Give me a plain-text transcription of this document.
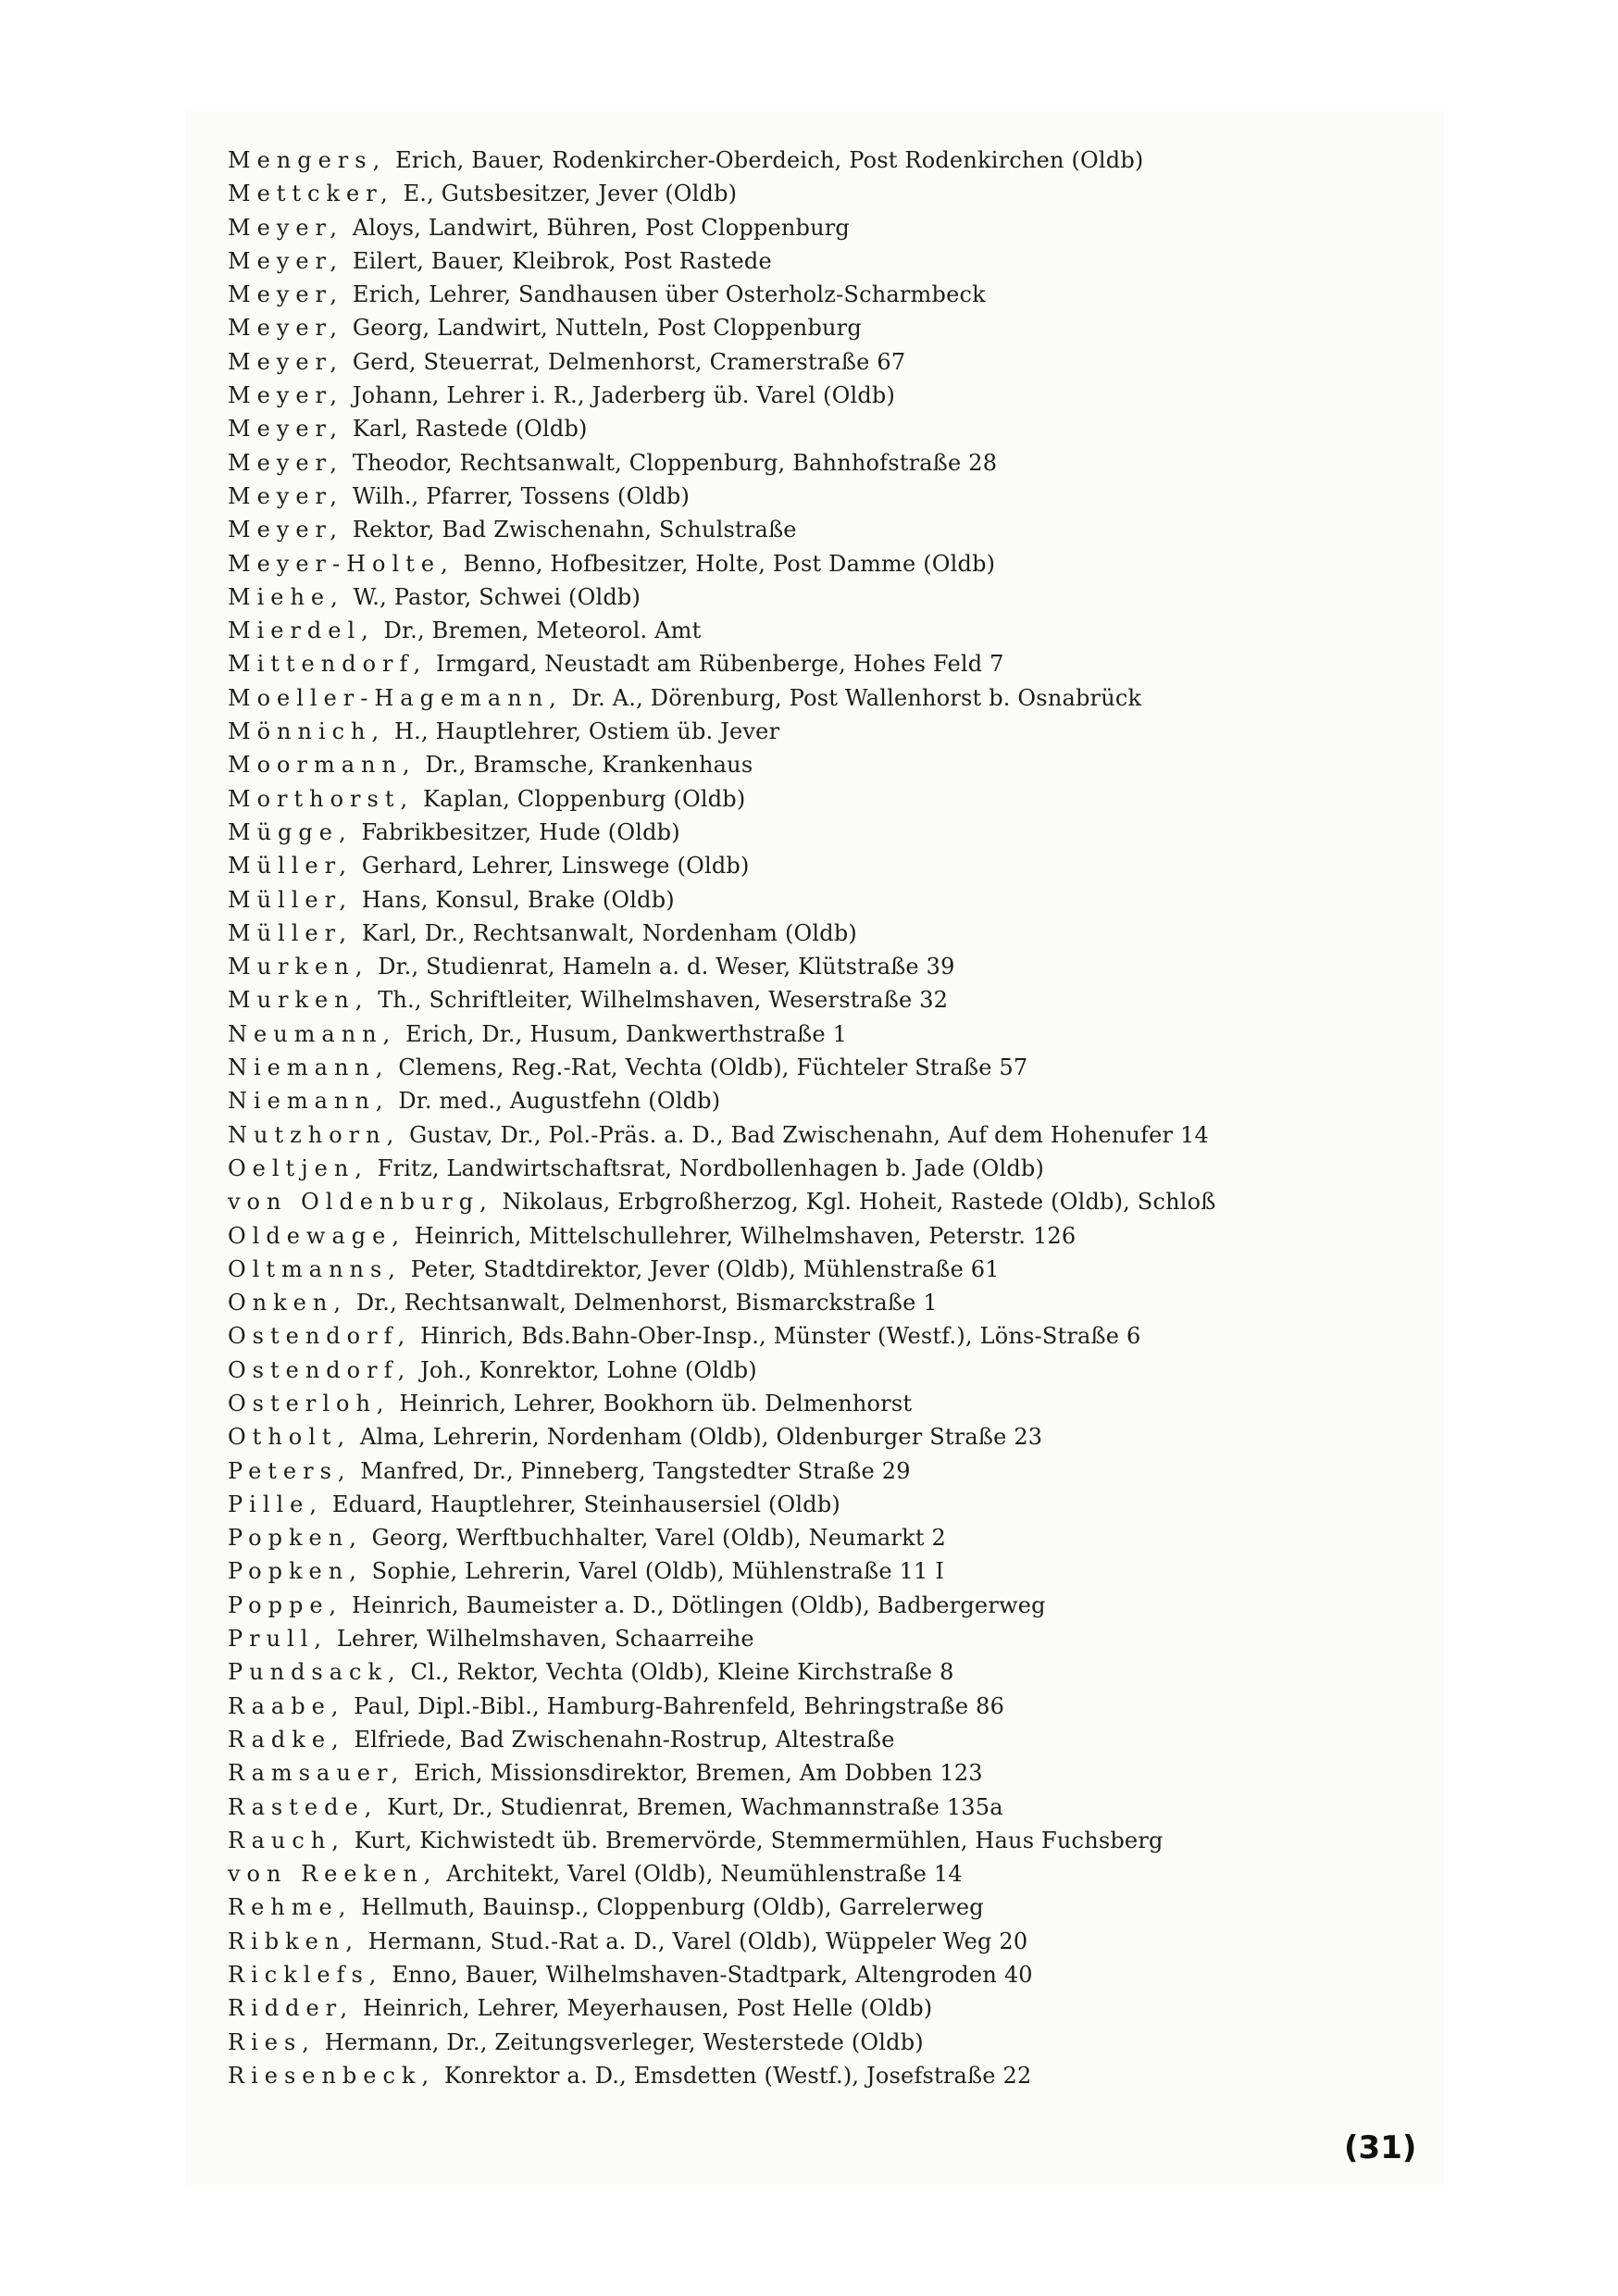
Mengers, Erich, Bauer, Rodenkircher-Oberdeich, Post Rodenkirchen (Oldb)
Mettcker, E., Gutsbesitzer, Jever (Oldb)
Meyer, Aloys, Landwirt, Bühren, Post Cloppenburg
Meyer, Eilert, Bauer, Kleibrok, Post Rastede
Meyer, Erich, Lehrer, Sandhausen über Osterholz-Scharmbeck
Meyer, Georg, Landwirt, Nutteln, Post Cloppenburg
Meyer, Gerd, Steuerrat, Delmenhorst, Cramerstraße 67
Meyer, Johann, Lehrer i. R., Jaderberg üb. Varel (Oldb)
Meyer, Karl, Rastede (Oldb)
Meyer, Theodor, Rechtsanwalt, Cloppenburg, Bahnhofstraße 28
Meyer, Wilh., Pfarrer, Tossens (Oldb)
Meyer, Rektor, Bad Zwischenahn, Schulstraße
Meyer-Holte, Benno, Hofbesitzer, Holte, Post Damme (Oldb)
Miehe, W., Pastor, Schwei (Oldb)
Mierdel, Dr., Bremen, Meteorol. Amt
Mittendorf, Irmgard, Neustadt am Rübenberge, Hohes Feld 7
Moeller-Hagemann, Dr. A., Dörenburg, Post Wallenhorst b. Osnabrück
Mönnich, H., Hauptlehrer, Ostiem üb. Jever
Moormann, Dr., Bramsche, Krankenhaus
Morthorst, Kaplan, Cloppenburg (Oldb)
Mügge, Fabrikbesitzer, Hude (Oldb)
Müller, Gerhard, Lehrer, Linswege (Oldb)
Müller, Hans, Konsul, Brake (Oldb)
Müller, Karl, Dr., Rechtsanwalt, Nordenham (Oldb)
Murken, Dr., Studienrat, Hameln a. d. Weser, Klütstraße 39
Murken, Th., Schriftleiter, Wilhelmshaven, Weserstraße 32
Neumann, Erich, Dr., Husum, Dankwerthstraße 1
Niemann, Clemens, Reg.-Rat, Vechta (Oldb), Füchteler Straße 57
Niemann, Dr. med., Augustfehn (Oldb)
Nutzhorn, Gustav, Dr., Pol.-Präs. a. D., Bad Zwischenahn, Auf dem Hohenufer 14
Oeltjen, Fritz, Landwirtschaftsrat, Nordbollenhagen b. Jade (Oldb)
von Oldenburg, Nikolaus, Erbgroßherzog, Kgl. Hoheit, Rastede (Oldb), Schloß
Oldewage, Heinrich, Mittelschullehrer, Wilhelmshaven, Peterstr. 126
Oltmanns, Peter, Stadtdirektor, Jever (Oldb), Mühlenstraße 61
Onken, Dr., Rechtsanwalt, Delmenhorst, Bismarckstraße 1
Ostendorf, Hinrich, Bds.Bahn-Ober-Insp., Münster (Westf.), Löns-Straße 6
Ostendorf, Joh., Konrektor, Lohne (Oldb)
Osterloh, Heinrich, Lehrer, Bookhorn üb. Delmenhorst
Otholt, Alma, Lehrerin, Nordenham (Oldb), Oldenburger Straße 23
Peters, Manfred, Dr., Pinneberg, Tangstedter Straße 29
Pille, Eduard, Hauptlehrer, Steinhausersiel (Oldb)
Popken, Georg, Werftbuchhalter, Varel (Oldb), Neumarkt 2
Popken, Sophie, Lehrerin, Varel (Oldb), Mühlenstraße 11 I
Poppe, Heinrich, Baumeister a. D., Dötlingen (Oldb), Badbergerweg
Prull, Lehrer, Wilhelmshaven, Schaarreihe
Pundsack, Cl., Rektor, Vechta (Oldb), Kleine Kirchstraße 8
Raabe, Paul, Dipl.-Bibl., Hamburg-Bahrenfeld, Behringstraße 86
Radke, Elfriede, Bad Zwischenahn-Rostrup, Altestraße
Ramsauer, Erich, Missionsdirektor, Bremen, Am Dobben 123
Rastede, Kurt, Dr., Studienrat, Bremen, Wachmannstraße 135a
Rauch, Kurt, Kichwistedt üb. Bremervörde, Stemmermühlen, Haus Fuchsberg
von Reeken, Architekt, Varel (Oldb), Neumühlenstraße 14
Rehme, Hellmuth, Bauinsp., Cloppenburg (Oldb), Garrelerweg
Ribken, Hermann, Stud.-Rat a. D., Varel (Oldb), Wüppeler Weg 20
Ricklefs, Enno, Bauer, Wilhelmshaven-Stadtpark, Altengroden 40
Ridder, Heinrich, Lehrer, Meyerhausen, Post Helle (Oldb)
Ries, Hermann, Dr., Zeitungsverleger, Westerstede (Oldb)
Riesenbeck, Konrektor a. D., Emsdetten (Westf.), Josefstraße 22
(31)
